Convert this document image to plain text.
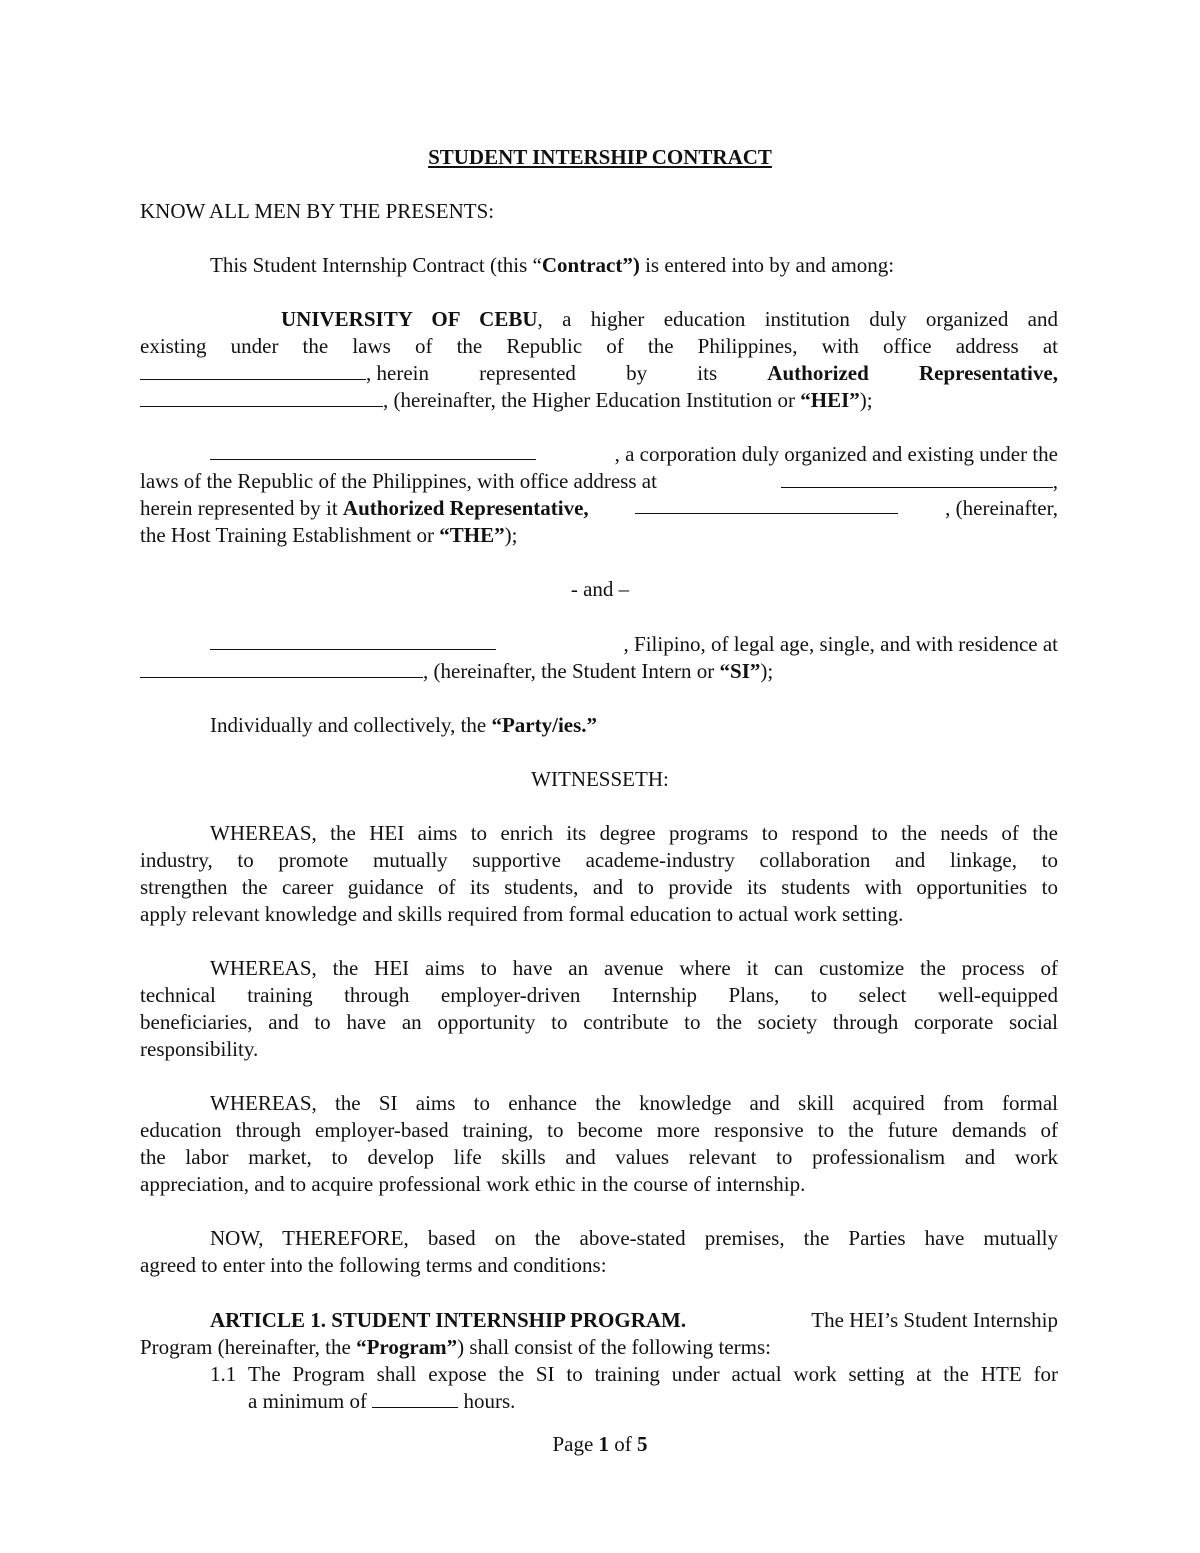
STUDENT INTERSHIP CONTRACT
KNOW ALL MEN BY THE PRESENTS:
This Student Internship Contract (this “Contract”) is entered into by and among:
UNIVERSITY OF CEBU, a higher education institution duly organized and
existing under the laws of the Republic of the Philippines, with office address at
, herein represented by its Authorized Representative,
, (hereinafter, the Higher Education Institution or “HEI”);
, a corporation duly organized and existing under the
laws of the Republic of the Philippines, with office address at	,
herein represented by it Authorized Representative,	, (hereinafter,
the Host Training Establishment or “THE”);
- and –
, Filipino, of legal age, single, and with residence at
, (hereinafter, the Student Intern or “SI”);
Individually and collectively, the “Party/ies.”
WITNESSETH:
WHEREAS, the HEI aims to enrich its degree programs to respond to the needs of the
industry, to promote mutually supportive academe-industry collaboration and linkage, to
strengthen the career guidance of its students, and to provide its students with opportunities to
apply relevant knowledge and skills required from formal education to actual work setting.
WHEREAS, the HEI aims to have an avenue where it can customize the process of
technical training through employer-driven Internship Plans, to select well-equipped
beneficiaries, and to have an opportunity to contribute to the society through corporate social
responsibility.
WHEREAS, the SI aims to enhance the knowledge and skill acquired from formal
education through employer-based training, to become more responsive to the future demands of
the labor market, to develop life skills and values relevant to professionalism and work
appreciation, and to acquire professional work ethic in the course of internship.
NOW, THEREFORE, based on the above-stated premises, the Parties have mutually
agreed to enter into the following terms and conditions:
ARTICLE 1. STUDENT INTERNSHIP PROGRAM.	The HEI’s Student Internship
Program (hereinafter, the “Program”) shall consist of the following terms:
1.1 The Program shall expose the SI to training under actual work setting at the HTE for
a minimum of	hours.
Page 1 of 5
